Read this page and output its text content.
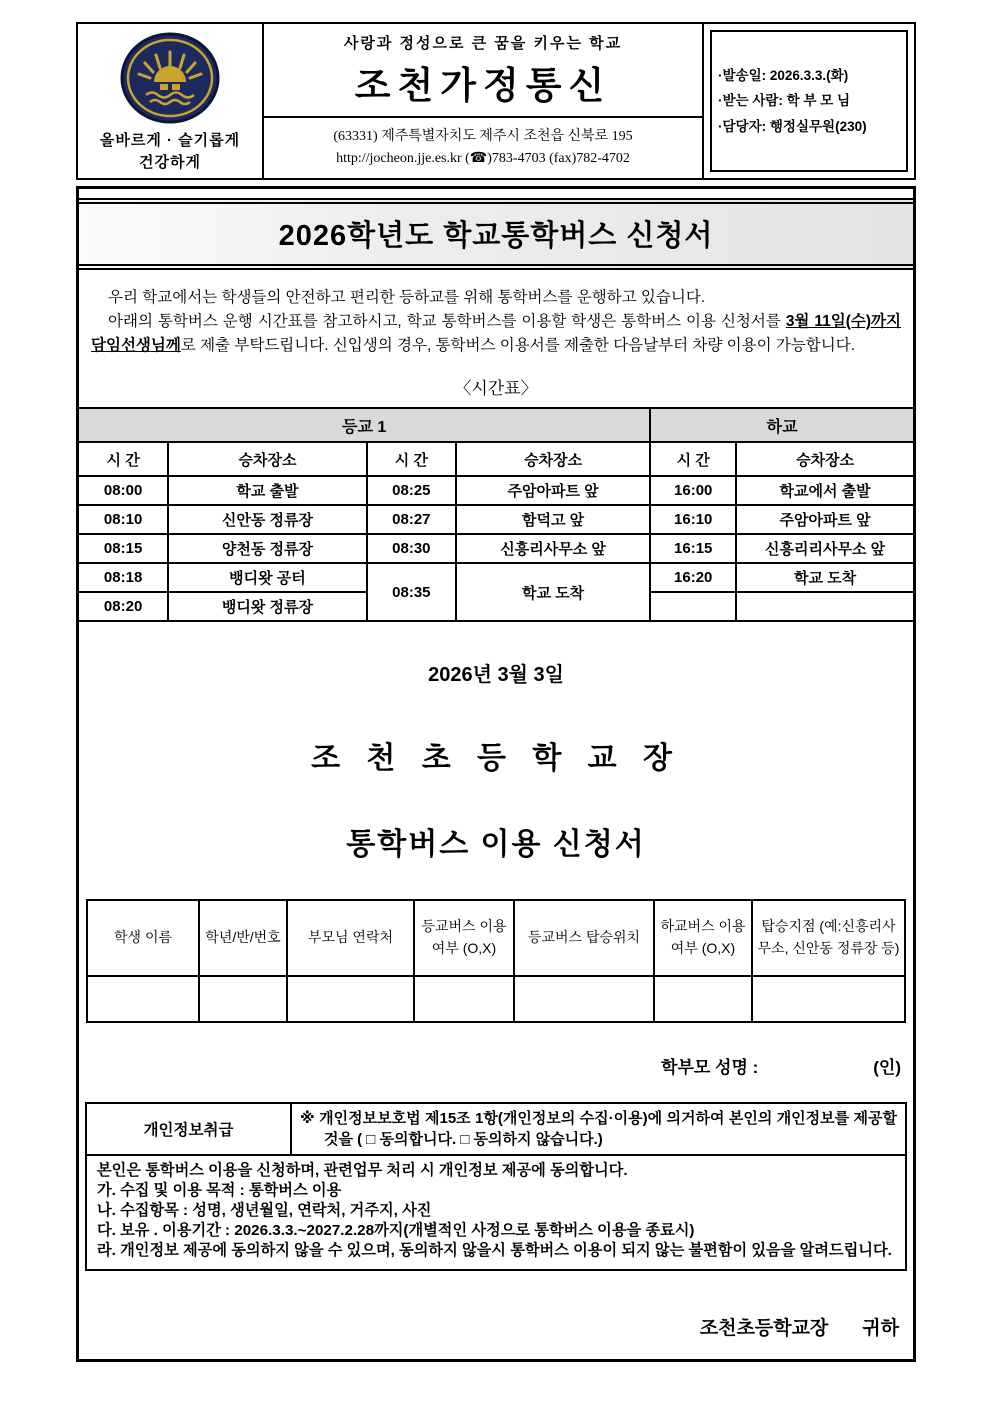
올바르게 · 슬기롭게
건강하게
사랑과 정성으로 큰 꿈을 키우는 학교
조천가정통신
(63331) 제주특별자치도 제주시 조천읍 신북로 195
http://jocheon.jje.es.kr (☎)783-4703 (fax)782-4702
·발송일: 2026.3.3.(화)
·받는 사람: 학 부 모 님
·담당자: 행정실무원(230)
2026학년도 학교통학버스 신청서

우리 학교에서는 학생들의 안전하고 편리한 등하교를 위해 통학버스를 운행하고 있습니다.

아래의 통학버스 운행 시간표를 참고하시고, 학교 통학버스를 이용할 학생은 통학버스 이용 신청서를 3월 11일(수)까지 담임선생님께로 제출 부탁드립니다. 신입생의 경우, 통학버스 이용서를 제출한 다음날부터 차량 이용이 가능합니다.

〈시간표〉
등교 1				하교	
시 간	승차장소	시 간	승차장소	시 간	승차장소
08:00	학교 출발	08:25	주암아파트 앞	16:00	학교에서 출발
08:10	신안동 정류장	08:27	함덕고 앞	16:10	주암아파트 앞
08:15	양천동 정류장	08:30	신흥리사무소 앞	16:15	신흥리리사무소 앞
08:18	뱅디왓 공터	08:35	학교 도착	16:20	학교 도착
08:20	뱅디왓 정류장				
2026년 3월 3일
조 천 초 등 학 교 장
통학버스 이용 신청서
학생 이름	학년/반/번호	부모님 연락처	등교버스 이용여부 (O,X)	등교버스 탑승위치	하교버스 이용여부 (O,X)	탑승지점 (예:신흥리사무소, 신안동 정류장 등)

학부모 성명 :	(인)
개인정보취급	※ 개인정보보호법 제15조 1항(개인정보의 수집·이용)에 의거하여 본인의 개인정보를 제공할 것을 ( □ 동의합니다. □ 동의하지 않습니다.)

본인은 통학버스 이용을 신청하며, 관련업무 처리 시 개인정보 제공에 동의합니다.
가. 수집 및 이용 목적 : 통학버스 이용
나. 수집항목 : 성명, 생년월일, 연락처, 거주지, 사진
다. 보유 . 이용기간 : 2026.3.3.~2027.2.28까지(개별적인 사정으로 통학버스 이용을 종료시)
라. 개인정보 제공에 동의하지 않을 수 있으며, 동의하지 않을시 통학버스 이용이 되지 않는 불편함이 있음을 알려드립니다.
조천초등학교장 귀하
